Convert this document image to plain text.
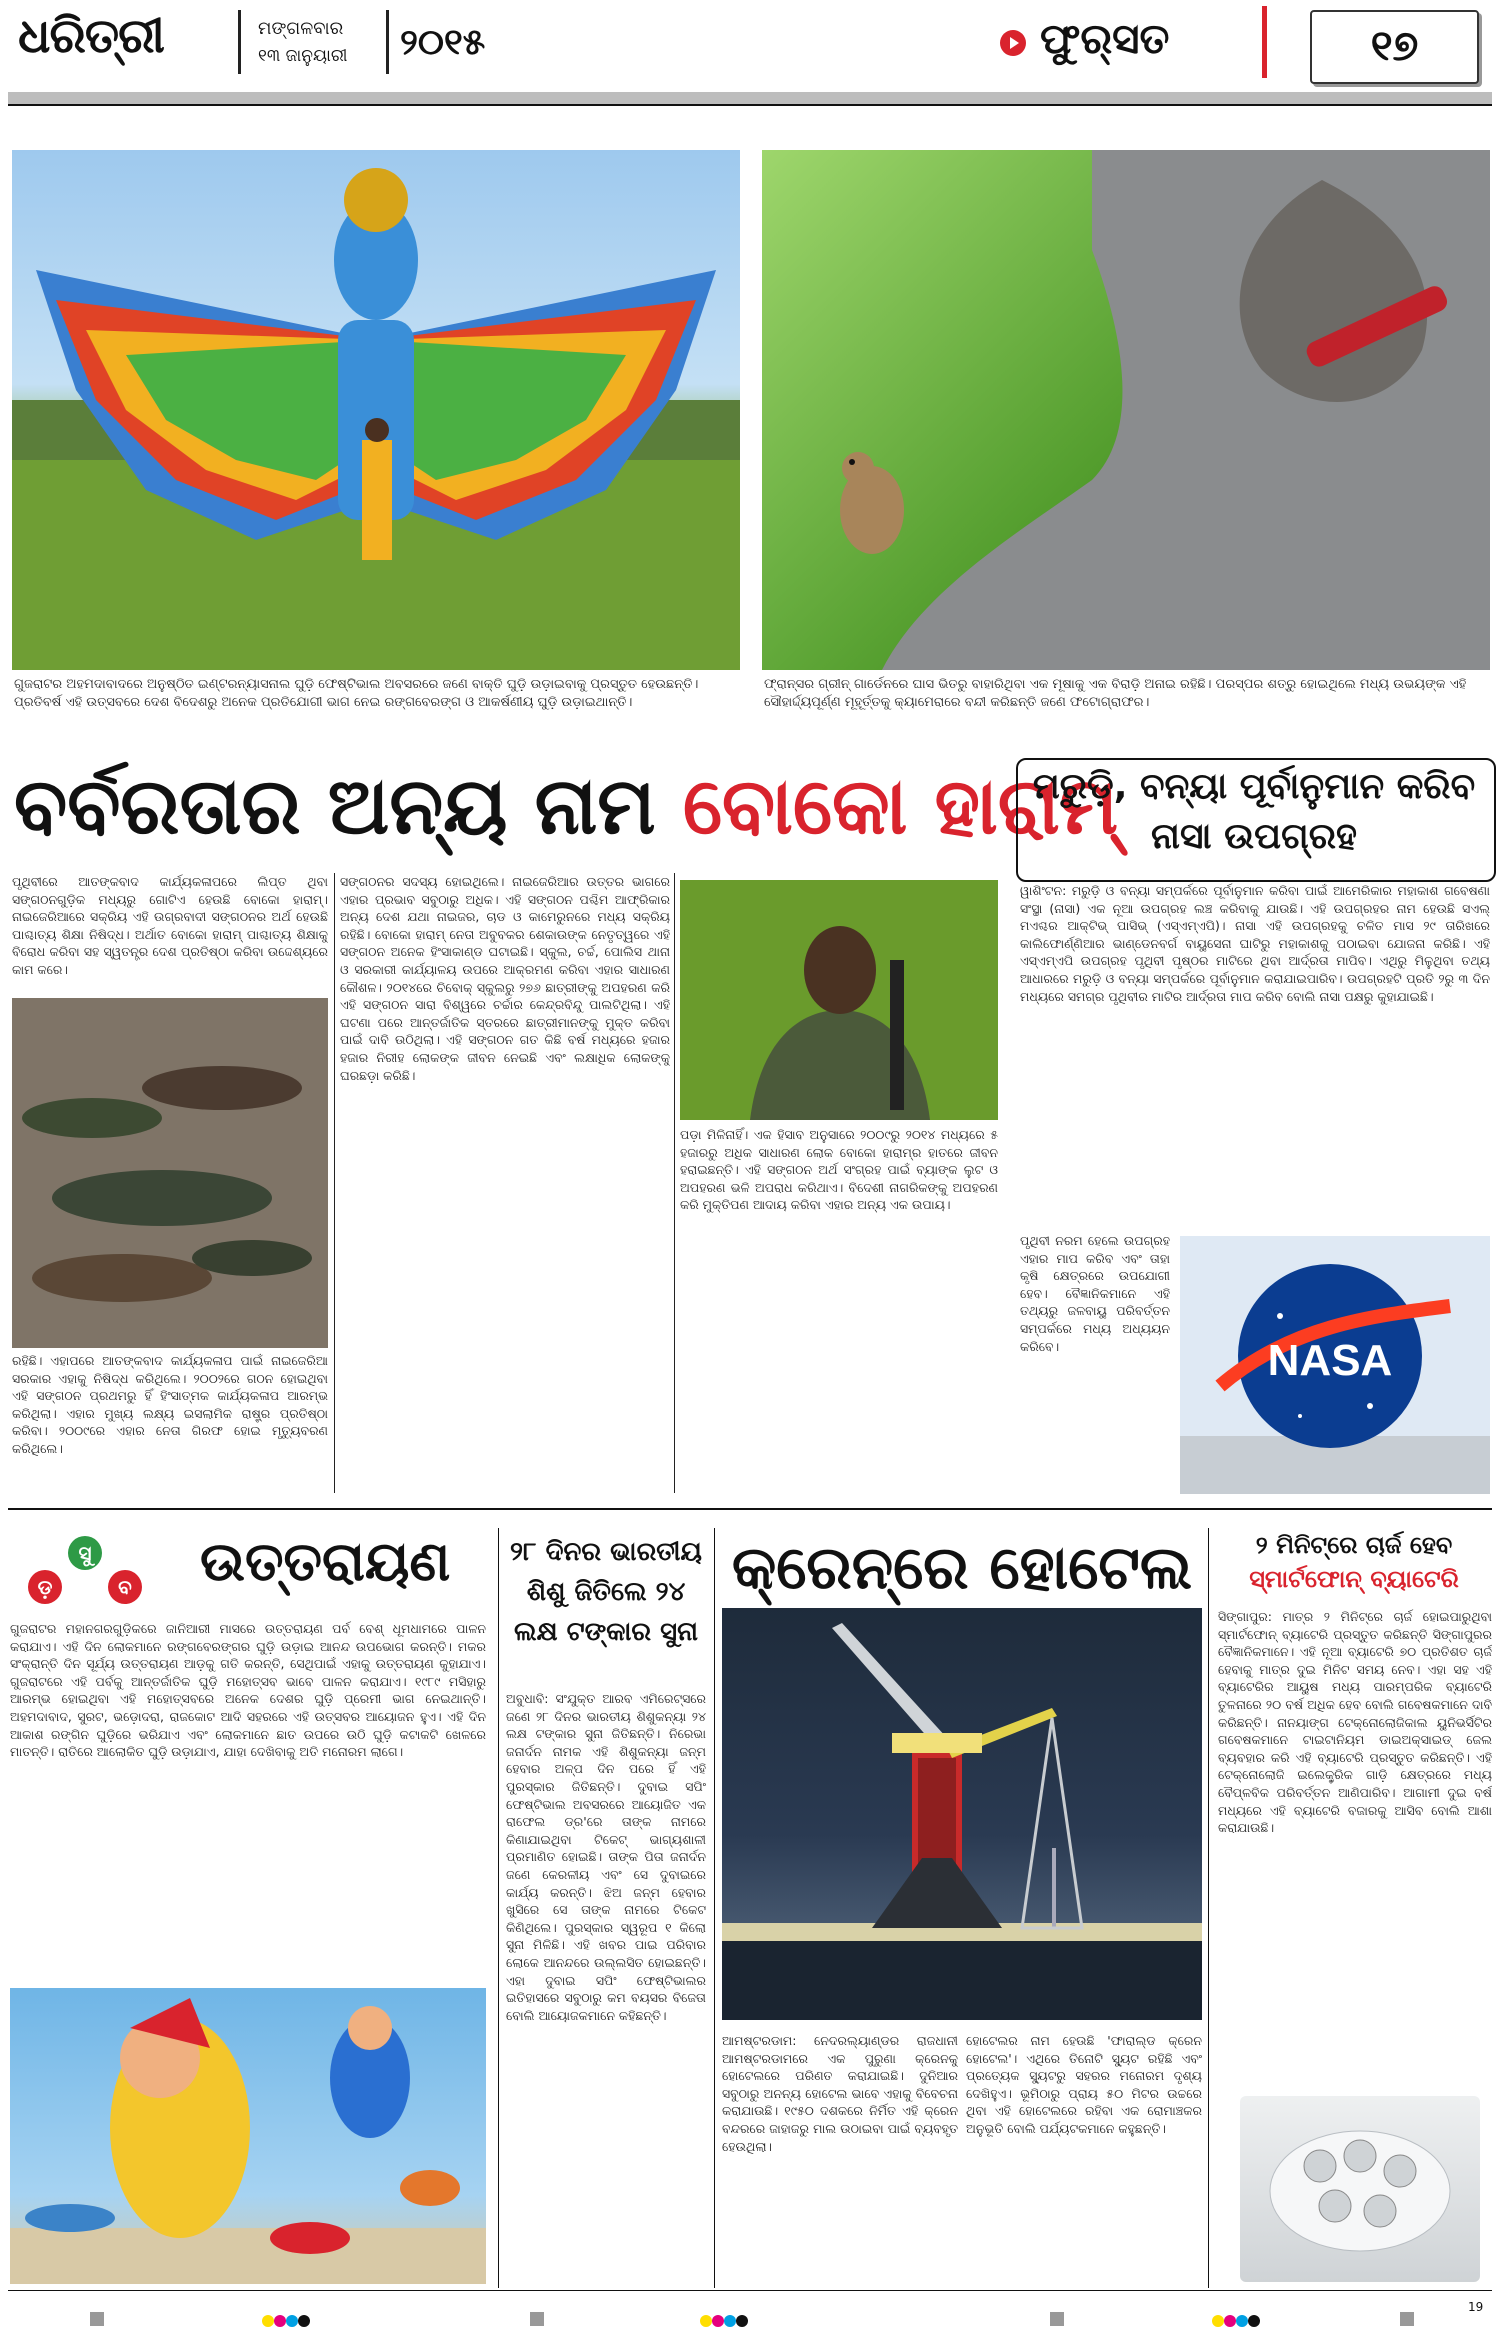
ଧରିତ୍ରୀ	ମଙ୍ଗଳବାର
୧୩ ଜାନୁୟାରୀ ୨୦୧୫	ଫୁର୍‌ସତ	୧୭
ଗୁଜରାଟର ଅହମଦାବାଦରେ ଅନୁଷ୍ଠିତ ଇଣ୍ଟରନ୍ୟାସନାଲ ଘୁଡ଼ି ଫେଷ୍ଟିଭାଲ ଅବସରରେ ଜଣେ ବାକ୍ତି ଘୁଡ଼ି ଉଡ଼ାଇବାକୁ ପ୍ରସ୍ତୁତ ହେଉଛନ୍ତି। ପ୍ରତିବର୍ଷ ଏହି ଉତ୍ସବରେ ଦେଶ ବିଦେଶରୁ ଅନେକ ପ୍ରତିଯୋଗୀ ଭାଗ ନେଇ ରଙ୍ଗବେରଙ୍ଗ ଓ ଆକର୍ଷଣୀୟ ଘୁଡ଼ି ଉଡ଼ାଇଥାନ୍ତି।
ଫ୍ରାନ୍ସର ଗ୍ରୀନ୍ ଗାର୍ଡେନରେ ଘାସ ଭିତରୁ ବାହାରିଥିବା ଏକ ମୂଷାକୁ ଏକ ବିରାଡ଼ି ଅନାଇ ରହିଛି। ପରସ୍ପର ଶତ୍ରୁ ହୋଇଥିଲେ ମଧ୍ୟ ଉଭୟଙ୍କ ଏହି ସୌହାର୍ଦ୍ଦ୍ୟପୂର୍ଣ୍ଣ ମୂହୂର୍ତ୍ତକୁ କ୍ୟାମେରାରେ ବନ୍ଦୀ କରିଛନ୍ତି ଜଣେ ଫଟୋଗ୍ରାଫର।
ବର୍ବରତାର ଅନ୍ୟ ନାମ ବୋକୋ ହାରାମ୍
ପୃଥିବୀରେ ଆତଙ୍କବାଦ କାର୍ଯ୍ୟକଳାପରେ ଲିପ୍ତ ଥିବା ସଙ୍ଗଠନଗୁଡ଼ିକ ମଧ୍ୟରୁ ଗୋଟିଏ ହେଉଛି ବୋକୋ ହାରାମ୍। ନାଇଜେରିଆରେ ସକ୍ରିୟ ଏହି ଉଗ୍ରବାଦୀ ସଙ୍ଗଠନର ଅର୍ଥ ହେଉଛି ପାଶ୍ଚାତ୍ୟ ଶିକ୍ଷା ନିଷିଦ୍ଧ। ଅର୍ଥାତ ବୋକୋ ହାରାମ୍ ପାଶ୍ଚାତ୍ୟ ଶିକ୍ଷାକୁ ବିରୋଧ କରିବା ସହ ସ୍ୱତନ୍ତ୍ର ଦେଶ ପ୍ରତିଷ୍ଠା କରିବା ଉଦ୍ଦେଶ୍ୟରେ କାମ କରେ।
ରହିଛି। ଏହାପରେ ଆତଙ୍କବାଦ କାର୍ଯ୍ୟକଳାପ ପାଇଁ ନାଇଜେରିଆ ସରକାର ଏହାକୁ ନିଷିଦ୍ଧ କରିଥିଲେ। ୨୦୦୨ରେ ଗଠନ ହୋଇଥିବା ଏହି ସଙ୍ଗଠନ ପ୍ରଥମରୁ ହିଁ ହିଂସାତ୍ମକ କାର୍ଯ୍ୟକଳାପ ଆରମ୍ଭ କରିଥିଲା। ଏହାର ମୁଖ୍ୟ ଲକ୍ଷ୍ୟ ଇସଲାମିକ ରାଷ୍ଟ୍ର ପ୍ରତିଷ୍ଠା କରିବା। ୨୦୦୯ରେ ଏହାର ନେତା ଗିରଫ ହୋଇ ମୃତ୍ୟୁବରଣ କରିଥିଲେ।
ସଙ୍ଗଠନର ସଦସ୍ୟ ହୋଇଥିଲେ। ନାଇଜେରିଆର ଉତ୍ତର ଭାଗରେ ଏହାର ପ୍ରଭାବ ସବୁଠାରୁ ଅଧିକ। ଏହି ସଙ୍ଗଠନ ପଶ୍ଚିମ ଆଫ୍ରିକାର ଅନ୍ୟ ଦେଶ ଯଥା ନାଇଜର, ଚାଡ ଓ କାମେରୁନରେ ମଧ୍ୟ ସକ୍ରିୟ ରହିଛି। ବୋକୋ ହାରାମ୍ ନେତା ଅବୁବକର ଶେକାଉଙ୍କ ନେତୃତ୍ୱରେ ଏହି ସଙ୍ଗଠନ ଅନେକ ହିଂସାକାଣ୍ଡ ଘଟାଇଛି। ସ୍କୁଲ, ଚର୍ଚ୍ଚ, ପୋଲିସ ଥାନା ଓ ସରକାରୀ କାର୍ଯ୍ୟାଳୟ ଉପରେ ଆକ୍ରମଣ କରିବା ଏହାର ସାଧାରଣ କୌଶଳ। ୨୦୧୪ରେ ଚିବୋକ୍ ସ୍କୁଲରୁ ୨୭୬ ଛାତ୍ରୀଙ୍କୁ ଅପହରଣ କରି ଏହି ସଙ୍ଗଠନ ସାରା ବିଶ୍ୱରେ ଚର୍ଚ୍ଚାର କେନ୍ଦ୍ରବିନ୍ଦୁ ପାଲଟିଥିଲା। ଏହି ଘଟଣା ପରେ ଆନ୍ତର୍ଜାତିକ ସ୍ତରରେ ଛାତ୍ରୀମାନଙ୍କୁ ମୁକ୍ତ କରିବା ପାଇଁ ଦାବି ଉଠିଥିଲା। ଏହି ସଙ୍ଗଠନ ଗତ କିଛି ବର୍ଷ ମଧ୍ୟରେ ହଜାର ହଜାର ନିରୀହ ଲୋକଙ୍କ ଜୀବନ ନେଇଛି ଏବଂ ଲକ୍ଷାଧିକ ଲୋକଙ୍କୁ ଘରଛଡ଼ା କରିଛି।
ପଡ଼ା ମିଳିନାହିଁ। ଏକ ହିସାବ ଅନୁସାରେ ୨୦୦୯ରୁ ୨୦୧୪ ମଧ୍ୟରେ ୫ ହଜାରରୁ ଅଧିକ ସାଧାରଣ ଲୋକ ବୋକୋ ହାରାମ୍‌ର ହାତରେ ଜୀବନ ହରାଇଛନ୍ତି। ଏହି ସଙ୍ଗଠନ ଅର୍ଥ ସଂଗ୍ରହ ପାଇଁ ବ୍ୟାଙ୍କ ଲୁଟ ଓ ଅପହରଣ ଭଳି ଅପରାଧ କରିଥାଏ। ବିଦେଶୀ ନାଗରିକଙ୍କୁ ଅପହରଣ କରି ମୁକ୍ତିପଣ ଆଦାୟ କରିବା ଏହାର ଅନ୍ୟ ଏକ ଉପାୟ।
ମରୁଡ଼ି, ବନ୍ୟା ପୂର୍ବାନୁମାନ କରିବ ନାସା ଉପଗ୍ରହ
ୱାଶିଂଟନ: ମରୁଡ଼ି ଓ ବନ୍ୟା ସମ୍ପର୍କରେ ପୂର୍ବାନୁମାନ କରିବା ପାଇଁ ଆମେରିକାର ମହାକାଶ ଗବେଷଣା ସଂସ୍ଥା (ନାସା) ଏକ ନୂଆ ଉପଗ୍ରହ ଲଞ୍ଚ କରିବାକୁ ଯାଉଛି। ଏହି ଉପଗ୍ରହର ନାମ ହେଉଛି ସଏଲ୍ ମଏଶ୍ଚର ଆକ୍ଟିଭ୍ ପାସିଭ୍ (ଏସ୍‌ଏମ୍‌ଏପି)। ନାସା ଏହି ଉପଗ୍ରହକୁ ଚଳିତ ମାସ ୨୯ ତାରିଖରେ କାଲିଫୋର୍ଣ୍ଣିଆର ଭାଣ୍ଡେନବର୍ଗ ବାୟୁସେନା ଘାଟିରୁ ମହାକାଶକୁ ପଠାଇବା ଯୋଜନା କରିଛି। ଏହି ଏସ୍‌ଏମ୍‌ଏପି ଉପଗ୍ରହ ପୃଥିବୀ ପୃଷ୍ଠର ମାଟିରେ ଥିବା ଆର୍ଦ୍ରତା ମାପିବ। ଏଥିରୁ ମିଳୁଥିବା ତଥ୍ୟ ଆଧାରରେ ମରୁଡ଼ି ଓ ବନ୍ୟା ସମ୍ପର୍କରେ ପୂର୍ବାନୁମାନ କରାଯାଇପାରିବ। ଉପଗ୍ରହଟି ପ୍ରତି ୨ରୁ ୩ ଦିନ ମଧ୍ୟରେ ସମଗ୍ର ପୃଥିବୀର ମାଟିର ଆର୍ଦ୍ରତା ମାପ କରିବ ବୋଲି ନାସା ପକ୍ଷରୁ କୁହାଯାଇଛି।
ପୃଥିବୀ ନରମ ହେଲେ ଉପଗ୍ରହ ଏହାର ମାପ କରିବ ଏବଂ ତାହା କୃଷି କ୍ଷେତ୍ରରେ ଉପଯୋଗୀ ହେବ। ବୈଜ୍ଞାନିକମାନେ ଏହି ତଥ୍ୟରୁ ଜଳବାୟୁ ପରିବର୍ତ୍ତନ ସମ୍ପର୍କରେ ମଧ୍ୟ ଅଧ୍ୟୟନ କରିବେ।	NASA
ସୁ
ଡ଼	ବ ଉତ୍ତରାୟଣ
ଗୁଜରାଟର ମହାନଗରଗୁଡ଼ିକରେ ଜାନିଆରୀ ମାସରେ ଉତ୍ତରାୟଣ ପର୍ବ ବେଶ୍ ଧୂମଧାମରେ ପାଳନ କରାଯାଏ। ଏହି ଦିନ ଲୋକମାନେ ରଙ୍ଗବେରଙ୍ଗର ଘୁଡ଼ି ଉଡ଼ାଇ ଆନନ୍ଦ ଉପଭୋଗ କରନ୍ତି। ମକର ସଂକ୍ରାନ୍ତି ଦିନ ସୂର୍ଯ୍ୟ ଉତ୍ତରାୟଣ ଆଡ଼କୁ ଗତି କରନ୍ତି, ସେଥିପାଇଁ ଏହାକୁ ଉତ୍ତରାୟଣ କୁହାଯାଏ। ଗୁଜରାଟରେ ଏହି ପର୍ବକୁ ଆନ୍ତର୍ଜାତିକ ଘୁଡ଼ି ମହୋତ୍ସବ ଭାବେ ପାଳନ କରାଯାଏ। ୧୯୮୯ ମସିହାରୁ ଆରମ୍ଭ ହୋଇଥିବା ଏହି ମହୋତ୍ସବରେ ଅନେକ ଦେଶର ଘୁଡ଼ି ପ୍ରେମୀ ଭାଗ ନେଇଥାନ୍ତି। ଅହମଦାବାଦ, ସୁରଟ, ଭଡ଼ୋଦରା, ରାଜକୋଟ ଆଦି ସହରରେ ଏହି ଉତ୍ସବର ଆୟୋଜନ ହୁଏ। ଏହି ଦିନ ଆକାଶ ରଙ୍ଗିନ ଘୁଡ଼ିରେ ଭରିଯାଏ ଏବଂ ଲୋକମାନେ ଛାତ ଉପରେ ଉଠି ଘୁଡ଼ି କଟାକଟି ଖେଳରେ ମାତନ୍ତି। ରାତିରେ ଆଲୋକିତ ଘୁଡ଼ି ଉଡ଼ାଯାଏ, ଯାହା ଦେଖିବାକୁ ଅତି ମନୋରମ ଲାଗେ।
୨୮ ଦିନର ଭାରତୀୟ ଶିଶୁ ଜିତିଲେ ୨୪ ଲକ୍ଷ ଟଙ୍କାର ସୁନା
ଅବୁଧାବି: ସଂଯୁକ୍ତ ଆରବ ଏମିରେଟ୍‌ସରେ ଜଣେ ୨୮ ଦିନର ଭାରତୀୟ ଶିଶୁକନ୍ୟା ୨୪ ଲକ୍ଷ ଟଙ୍କାର ସୁନା ଜିତିଛନ୍ତି। ନିରେଭା ଜନାର୍ଦନ ନାମକ ଏହି ଶିଶୁକନ୍ୟା ଜନ୍ମ ହେବାର ଅଳ୍ପ ଦିନ ପରେ ହିଁ ଏହି ପୁରସ୍କାର ଜିତିଛନ୍ତି। ଦୁବାଇ ସପିଂ ଫେଷ୍ଟିଭାଲ ଅବସରରେ ଆୟୋଜିତ ଏକ ରାଫେଲ ଡ୍ର'ରେ ତାଙ୍କ ନାମରେ କିଣାଯାଇଥିବା ଟିକେଟ୍ ଭାଗ୍ୟଶାଳୀ ପ୍ରମାଣିତ ହୋଇଛି। ତାଙ୍କ ପିତା ଜନାର୍ଦନ ଜଣେ କେରଳୀୟ ଏବଂ ସେ ଦୁବାଇରେ କାର୍ଯ୍ୟ କରନ୍ତି। ଝିଅ ଜନ୍ମ ହେବାର ଖୁସିରେ ସେ ତାଙ୍କ ନାମରେ ଟିକେଟ କିଣିଥିଲେ। ପୁରସ୍କାର ସ୍ୱରୂପ ୧ କିଲୋ ସୁନା ମିଳିଛି। ଏହି ଖବର ପାଇ ପରିବାର ଲୋକେ ଆନନ୍ଦରେ ଉଲ୍ଲସିତ ହୋଇଛନ୍ତି। ଏହା ଦୁବାଇ ସପିଂ ଫେଷ୍ଟିଭାଲର ଇତିହାସରେ ସବୁଠାରୁ କମ ବୟସର ବିଜେତା ବୋଲି ଆୟୋଜକମାନେ କହିଛନ୍ତି।
କ୍ରେନ୍‌ରେ ହୋଟେଲ
ଆମଷ୍ଟରଡାମ: ନେଦରଲ୍ୟାଣ୍ଡର ରାଜଧାନୀ ଆମଷ୍ଟରଡାମରେ ଏକ ପୁରୁଣା କ୍ରେନକୁ ହୋଟେଲରେ ପରିଣତ କରାଯାଇଛି। ଦୁନିଆର ସବୁଠାରୁ ଅନନ୍ୟ ହୋଟେଲ ଭାବେ ଏହାକୁ ବିବେଚନା କରାଯାଉଛି। ୧୯୫୦ ଦଶକରେ ନିର୍ମିତ ଏହି କ୍ରେନ ବନ୍ଦରରେ ଜାହାଜରୁ ମାଲ ଉଠାଇବା ପାଇଁ ବ୍ୟବହୃତ ହେଉଥିଲା।
ହୋଟେଲର ନାମ ହେଉଛି 'ଫାରାଲ୍ଡ କ୍ରେନ ହୋଟେଲ'। ଏଥିରେ ତିନୋଟି ସ୍ୟୁଟ ରହିଛି ଏବଂ ପ୍ରତ୍ୟେକ ସ୍ୟୁଟରୁ ସହରର ମନୋରମ ଦୃଶ୍ୟ ଦେଖିହୁଏ। ଭୂମିଠାରୁ ପ୍ରାୟ ୫୦ ମିଟର ଉଚ୍ଚରେ ଥିବା ଏହି ହୋଟେଲରେ ରହିବା ଏକ ରୋମାଞ୍ଚକର ଅନୁଭୂତି ବୋଲି ପର୍ଯ୍ୟଟକମାନେ କହୁଛନ୍ତି।
୨ ମିନିଟ୍‌ରେ ଚାର୍ଜ ହେବ
ସ୍ମାର୍ଟଫୋନ୍ ବ୍ୟାଟେରି
ସିଙ୍ଗାପୁର: ମାତ୍ର ୨ ମିନିଟ୍‌ରେ ଚାର୍ଜ ହୋଇପାରୁଥିବା ସ୍ମାର୍ଟଫୋନ୍ ବ୍ୟାଟେରି ପ୍ରସ୍ତୁତ କରିଛନ୍ତି ସିଙ୍ଗାପୁରର ବୈଜ୍ଞାନିକମାନେ। ଏହି ନୂଆ ବ୍ୟାଟେରି ୭୦ ପ୍ରତିଶତ ଚାର୍ଜ ହେବାକୁ ମାତ୍ର ଦୁଇ ମିନିଟ ସମୟ ନେବ। ଏହା ସହ ଏହି ବ୍ୟାଟେରିର ଆୟୁଷ ମଧ୍ୟ ପାରମ୍ପରିକ ବ୍ୟାଟେରି ତୁଳନାରେ ୨୦ ବର୍ଷ ଅଧିକ ହେବ ବୋଲି ଗବେଷକମାନେ ଦାବି କରିଛନ୍ତି। ନାନୟାଙ୍ଗ ଟେକ୍ନୋଲୋଜିକାଲ ୟୁନିଭର୍ସିଟିର ଗବେଷକମାନେ ଟାଇଟାନିୟମ ଡାଇଅକ୍ସାଇଡ୍ ଜେଲ ବ୍ୟବହାର କରି ଏହି ବ୍ୟାଟେରି ପ୍ରସ୍ତୁତ କରିଛନ୍ତି। ଏହି ଟେକ୍ନୋଲୋଜି ଇଲେକ୍ଟ୍ରିକ ଗାଡ଼ି କ୍ଷେତ୍ରରେ ମଧ୍ୟ ବୈପ୍ଳବିକ ପରିବର୍ତ୍ତନ ଆଣିପାରିବ। ଆଗାମୀ ଦୁଇ ବର୍ଷ ମଧ୍ୟରେ ଏହି ବ୍ୟାଟେରି ବଜାରକୁ ଆସିବ ବୋଲି ଆଶା କରାଯାଉଛି।
19
